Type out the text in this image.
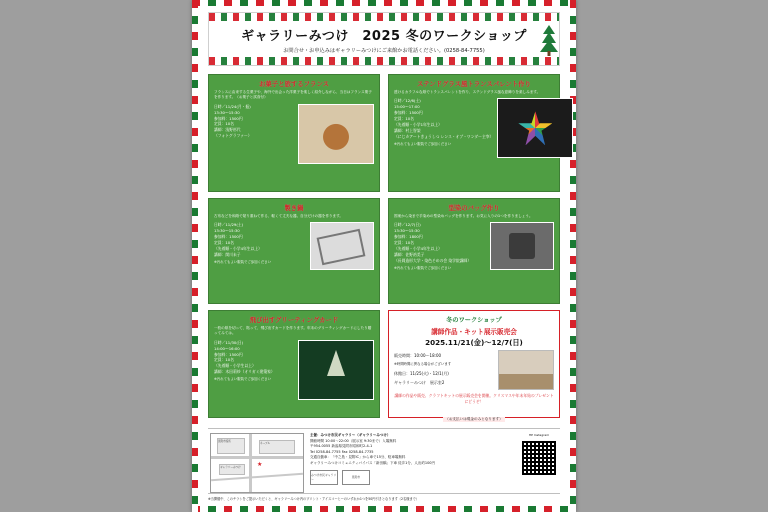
ギャラリーみつけ　2025 冬のワークショップ
お問合せ・お申込みはギャラリーみつけにご来館かお電話ください。(0258-84-7755)
お菓子と旅するフランス
フランスに由来する生菓子や、海外で出会った洋菓子を楽しく紹介しながら、当日はフランス菓子を作ります。（お菓子と試食付）
日時／11/24(月・振)
13:30〜15:30
参加料：1500円
定員：10名
講師：浅野杉代
（フォトグラファー）
ステンドグラス風トランスパレント作り
透けるカラフルな紙でトランスパレントを作り、ステンドグラス風な窓飾りを楽しみます。
日時／12/6(土)
15:00〜17:00
参加料：1500円
定員：10名
（先着順・小学1年生以上）
講師：村上智架
（にじカアートきょうしつ レンス・オブ・ワンダー主宰）
※汚れてもよい服装でご参加ください
製き鍋
古布などを和紙で貼り重ねて作る、軽くて丈夫な器。自分だけの器を作ります。
日時／11/29(土)
13:30〜15:30
参加料：1500円
定員：10名
（先着順・小学4年生以上）
講師：関川未子
※汚れてもよい服装でご参加ください
型染のバッグ作り
図案から染まで手染めの型染めバッグを作ります。お気に入りの1つを作りましょう。
日時／12/7(日)
13:30〜15:30
参加料：1800円
定員：10名
（先着順・小学4年生以上）
講師：佐野裕美子
（長岡造形大学・染色そめの会 染学院講師）
※汚れてもよい服装でご参加ください
飛び出すグリーティングカード
一枚の紙を切って、貼って、飛び出すカードを作ります。年末のグリーティングカードにしたり贈ってみては。
日時／11/30(日)
14:00〜16:00
参加料：1500円
定員：10名
（先着順・小学生以上）
講師：木田莉紗（オリガミ建築家）
※汚れてもよい服装でご参加ください
冬のワークショップ
講師作品・キット展示販売会
2025.11/21(金)〜12/7(日)
販売時間：10:00〜18:00
※時間時間に異なる場合がございます
休館日：11/25(火)・12/1(月)
ギャラリーみつけ　展示室2
講師の作品や販売、クラフトキットの展示販売会を開催。クリスマスや年末年始のプレゼントにどうぞ！
（お支払いは現金のみとなります）
見附市役所
ネーブル
ギャラリーみつけ	★
主催：みつけ市民ギャラリー（ギャラリーみつけ）
開館時間 10:00〜22:00（展示室 9:30まで）入場無料
〒954-0055 新潟県見附市昭和町2-4-1
Tel 0258-84-7755 Fax 0258-84-7735
交通自動車：「中之島・見附IC」から車で15分、駐車場無料
ギャラリーみつけコミュニティバイパス「新田橋」下車 徒歩1分、人出約100円
みつけ市民ギャラリー
見附市
HP Instagram
※当開催中、このチラシをご提示いただくと、ギャラリーみつけ内のプリント・アイスコーヒーのいずれか1つを50円引きとなります（2名様まで）
